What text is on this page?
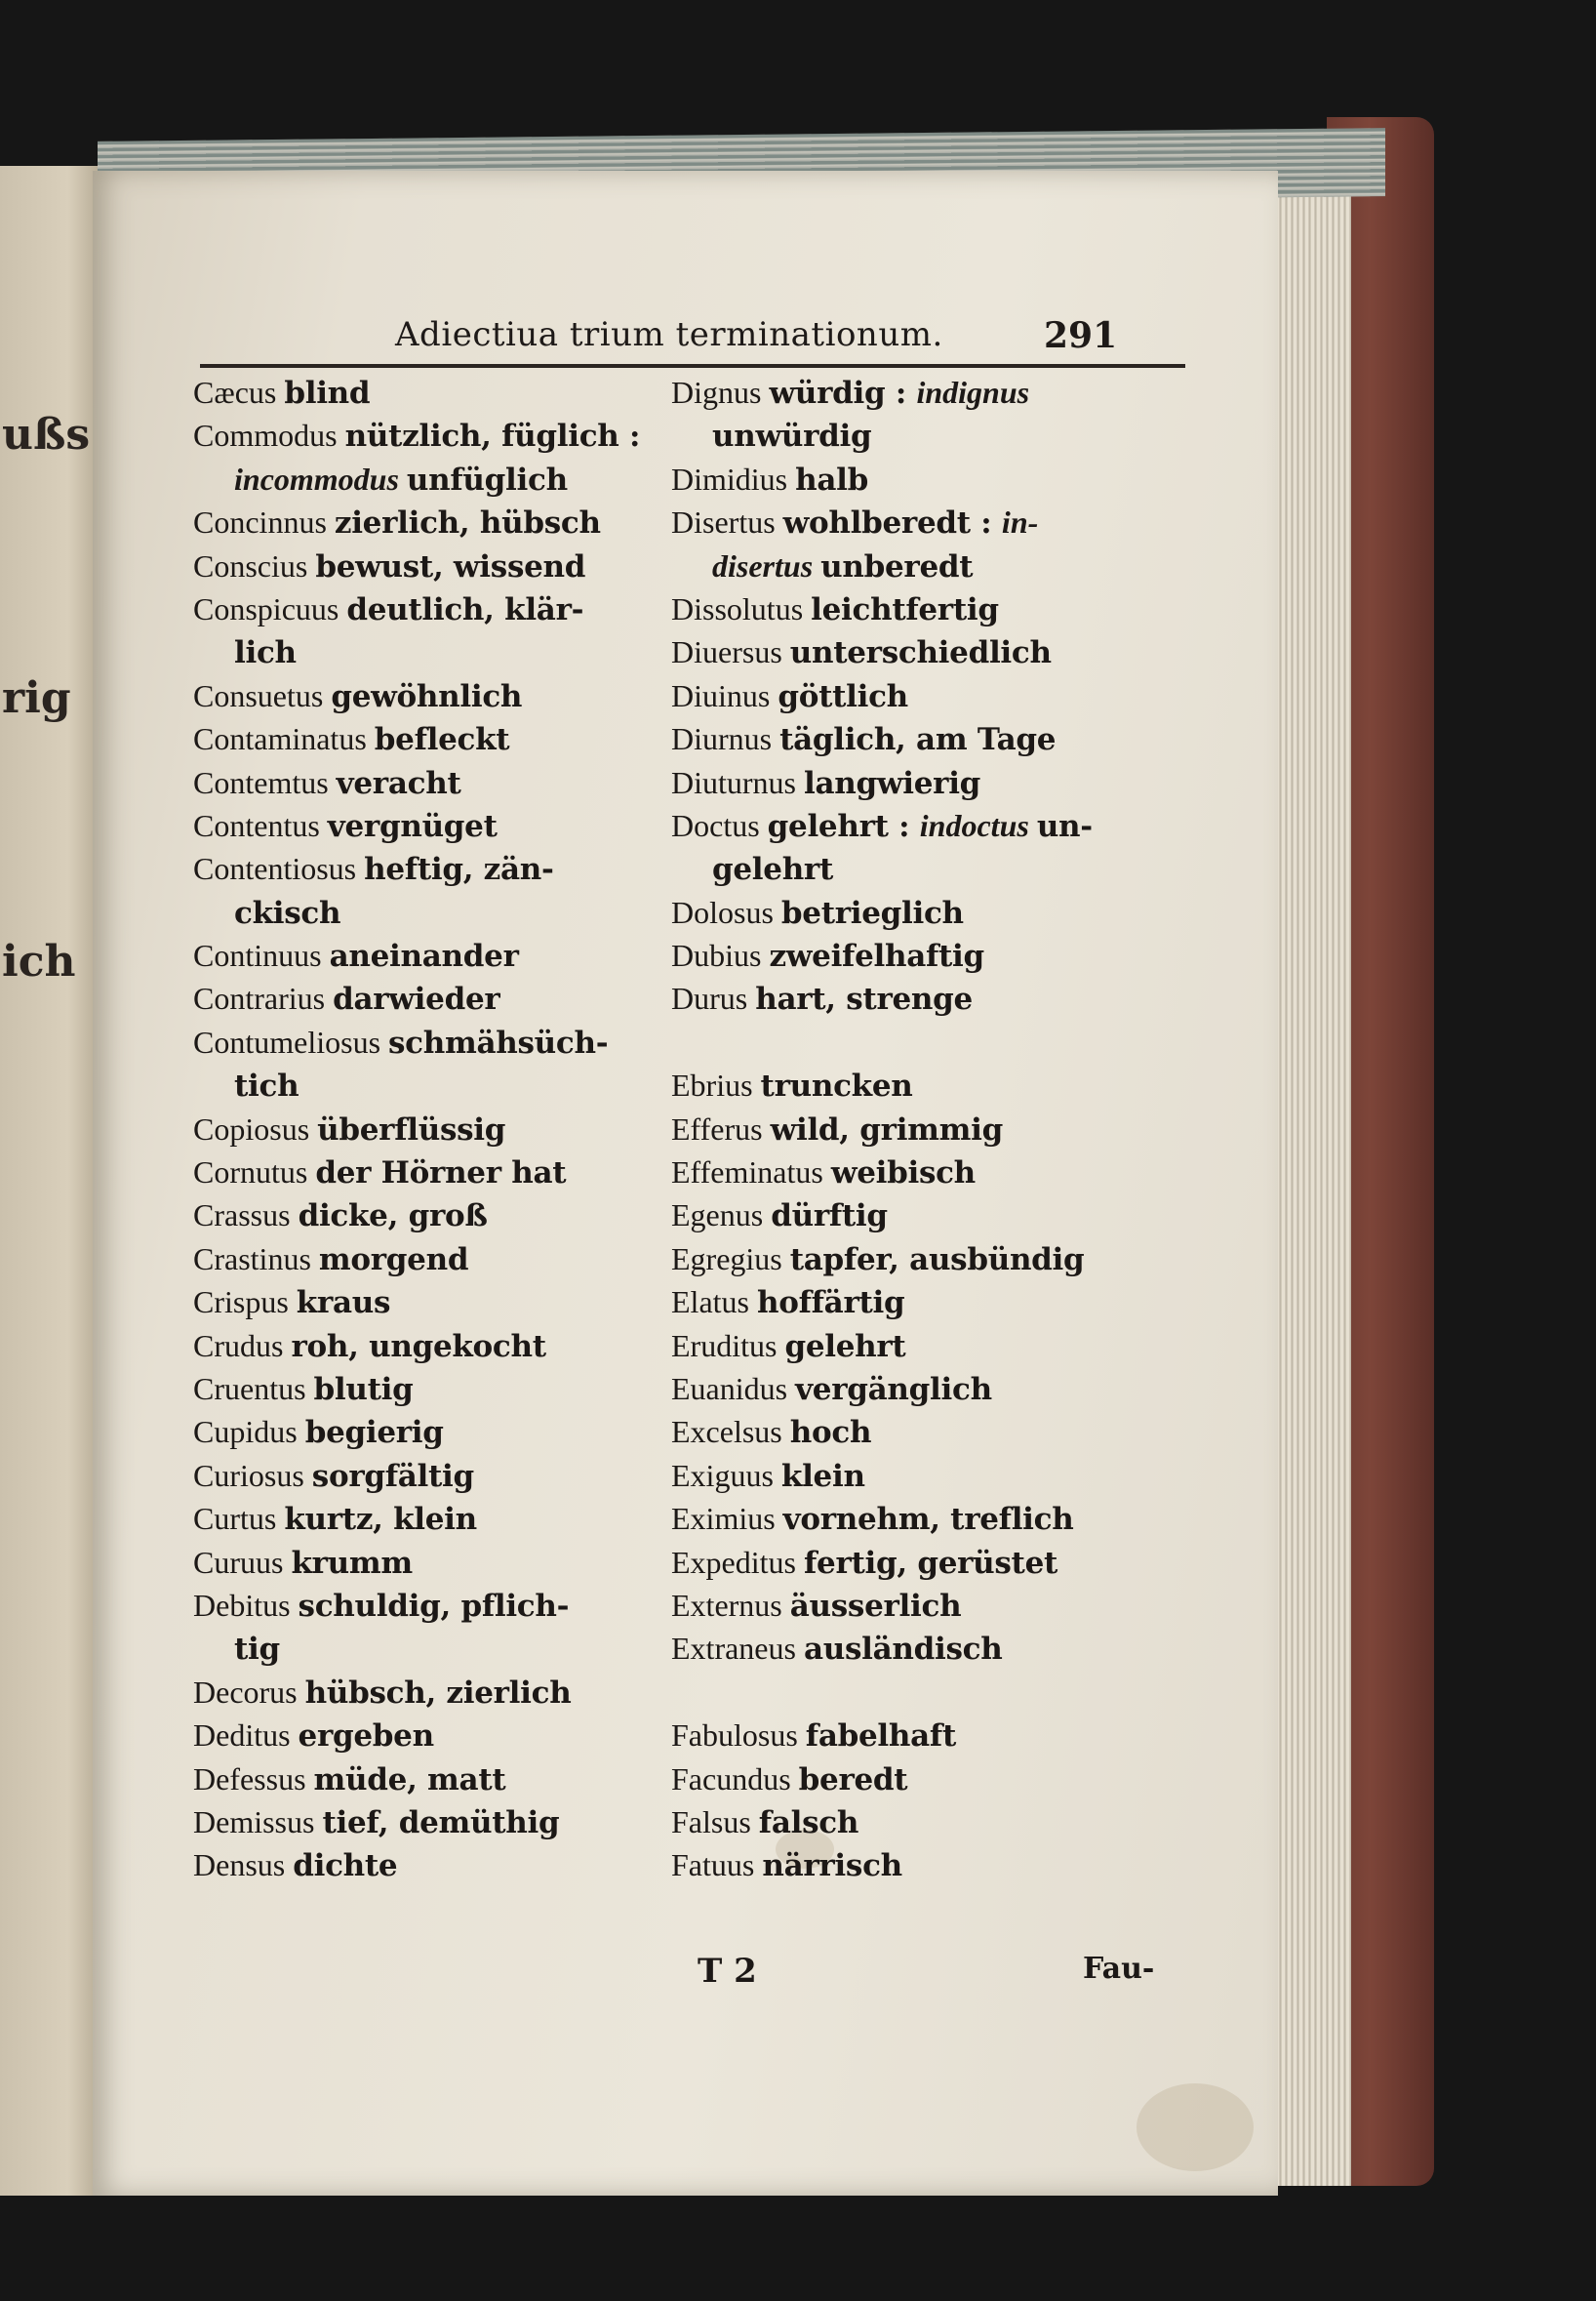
ußs
rig
ich
Adiectiua trium terminationum.	291
Cæcus blind
Commodus nützlich, füglich :
incommodus unfüglich
Concinnus zierlich, hübsch
Conscius bewust, wissend
Conspicuus deutlich, klär-
lich
Consuetus gewöhnlich
Contaminatus befleckt
Contemtus veracht
Contentus vergnüget
Contentiosus heftig, zän-
ckisch
Continuus aneinander
Contrarius darwieder
Contumeliosus schmähsüch-
tich
Copiosus überflüssig
Cornutus der Hörner hat
Crassus dicke, groß
Crastinus morgend
Crispus kraus
Crudus roh, ungekocht
Cruentus blutig
Cupidus begierig
Curiosus sorgfältig
Curtus kurtz, klein
Curuus krumm
Debitus schuldig, pflich-
tig
Decorus hübsch, zierlich
Deditus ergeben
Defessus müde, matt
Demissus tief, demüthig
Densus dichte
Dignus würdig : indignus
unwürdig
Dimidius halb
Disertus wohlberedt : in-
disertus unberedt
Dissolutus leichtfertig
Diuersus unterschiedlich
Diuinus göttlich
Diurnus täglich, am Tage
Diuturnus langwierig
Doctus gelehrt : indoctus un-
gelehrt
Dolosus betrieglich
Dubius zweifelhaftig
Durus hart, strenge
Ebrius truncken
Efferus wild, grimmig
Effeminatus weibisch
Egenus dürftig
Egregius tapfer, ausbündig
Elatus hoffärtig
Eruditus gelehrt
Euanidus vergänglich
Excelsus hoch
Exiguus klein
Eximius vornehm, treflich
Expeditus fertig, gerüstet
Externus äusserlich
Extraneus ausländisch
Fabulosus fabelhaft
Facundus beredt
Falsus falsch
Fatuus närrisch
T 2	Fau-
